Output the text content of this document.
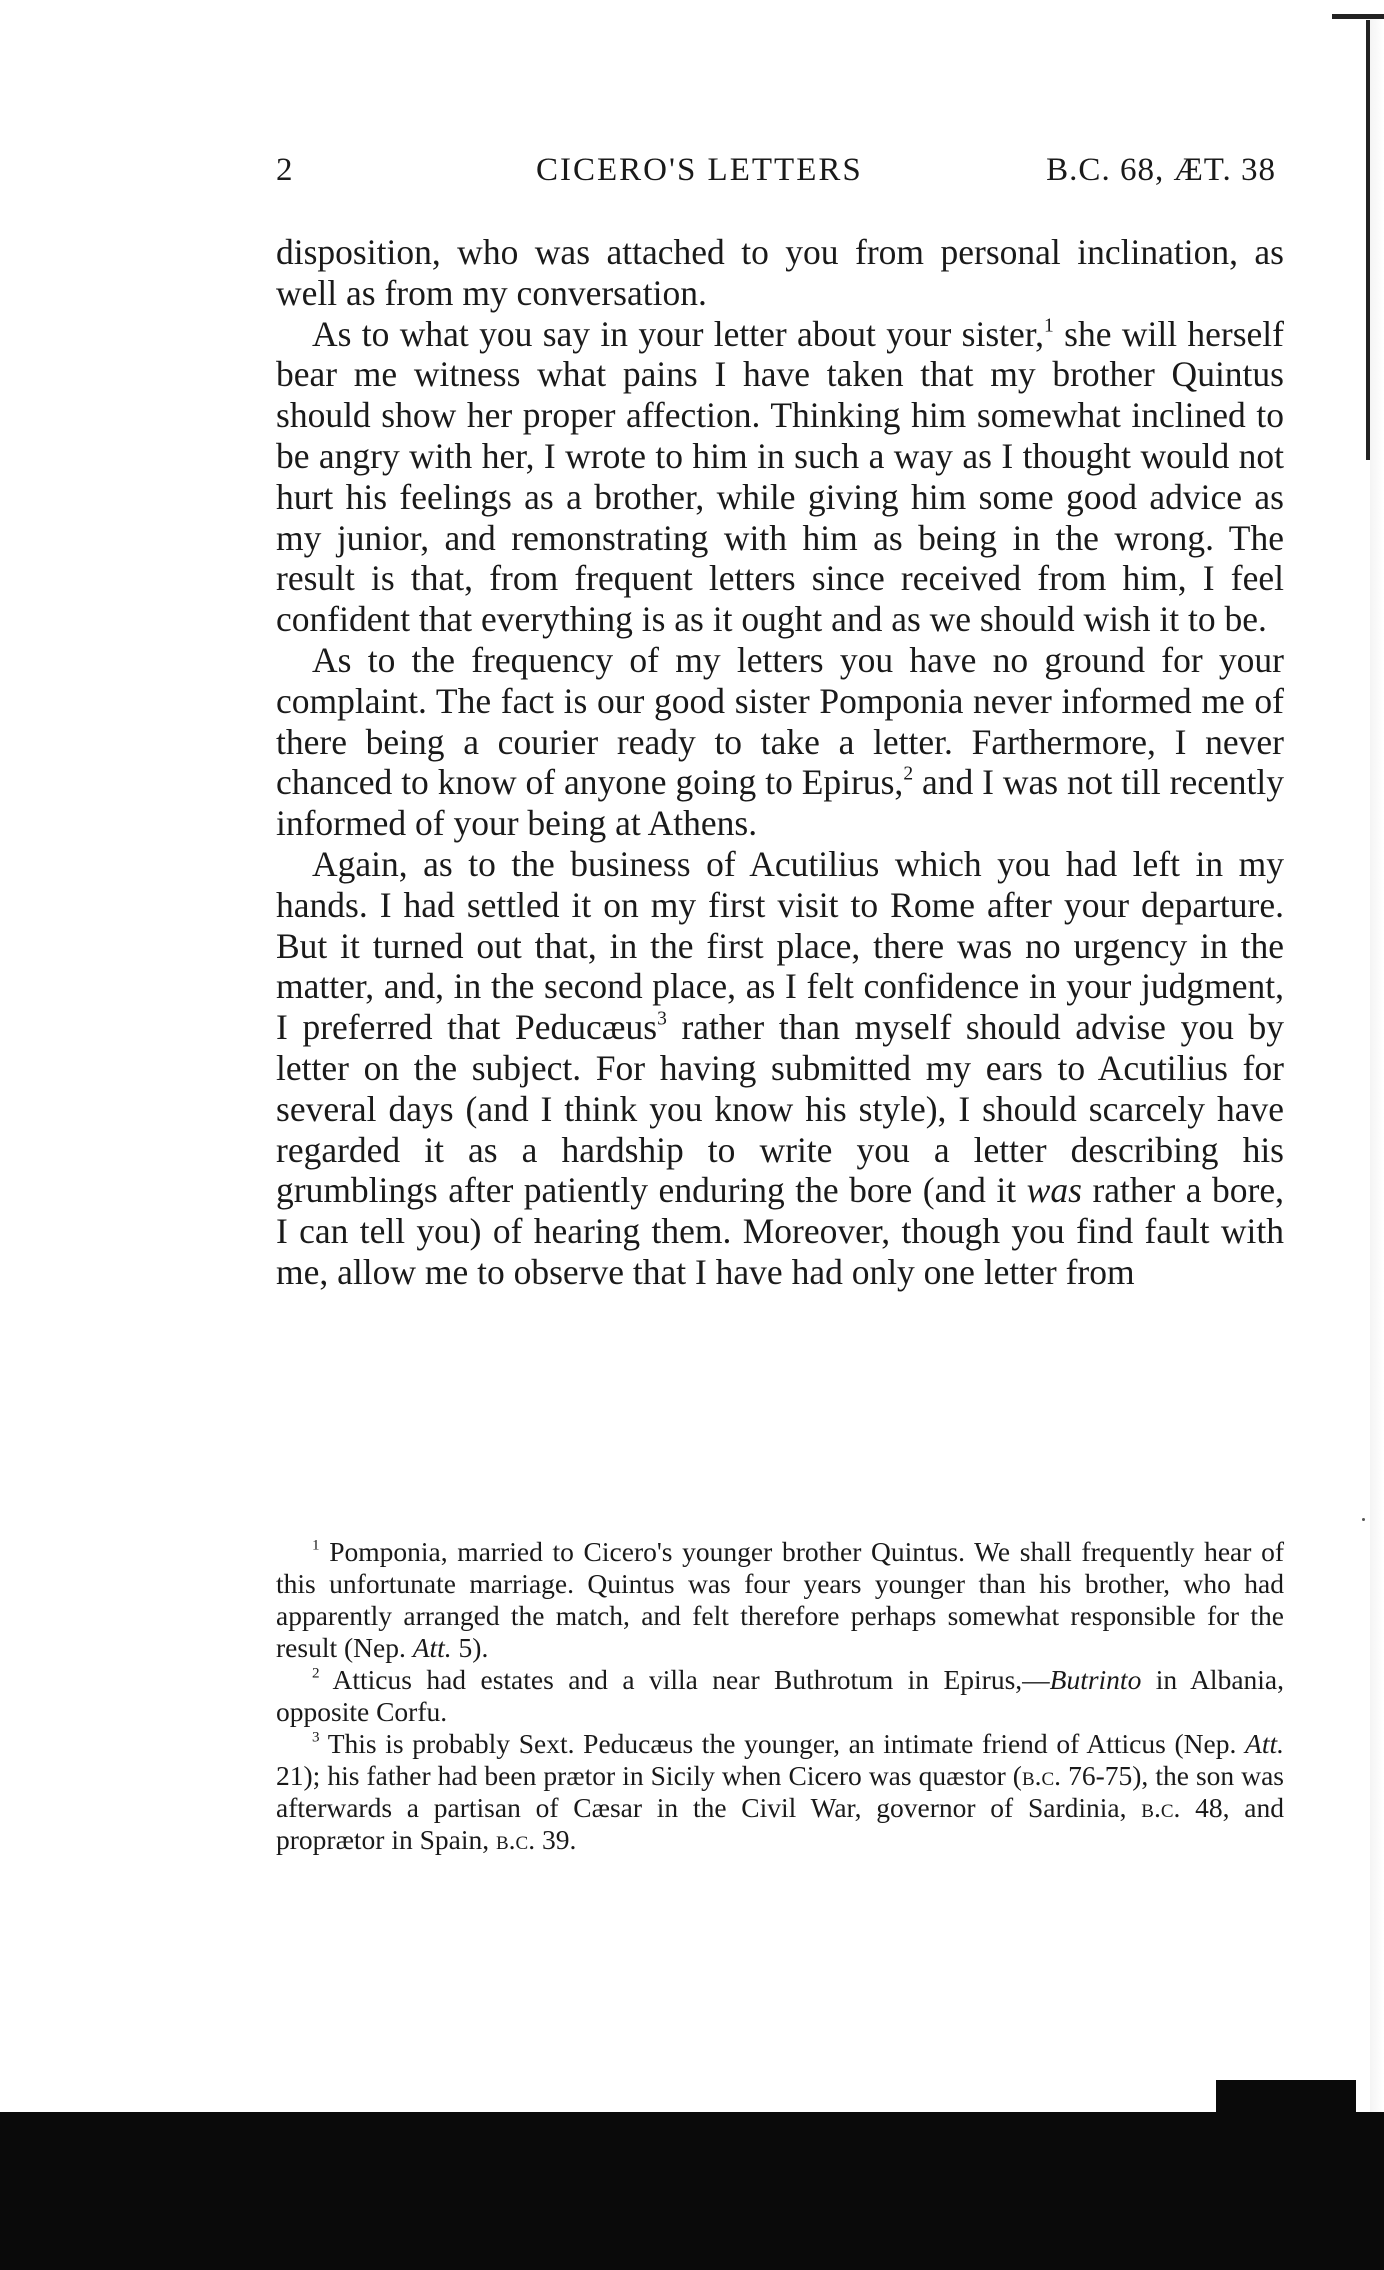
2	CICERO'S LETTERS	B.C. 68, ÆT. 38

disposition, who was attached to you from personal inclination, as well as from my conversation.

As to what you say in your letter about your sister,$^1$ she will herself bear me witness what pains I have taken that my brother Quintus should show her proper affection. Thinking him somewhat inclined to be angry with her, I wrote to him in such a way as I thought would not hurt his feelings as a brother, while giving him some good advice as my junior, and remonstrating with him as being in the wrong. The result is that, from frequent letters since received from him, I feel confident that everything is as it ought and as we should wish it to be.

As to the frequency of my letters you have no ground for your complaint. The fact is our good sister Pomponia never informed me of there being a courier ready to take a letter. Farthermore, I never chanced to know of anyone going to Epirus,$^2$ and I was not till recently informed of your being at Athens.

Again, as to the business of Acutilius which you had left in my hands. I had settled it on my first visit to Rome after your departure. But it turned out that, in the first place, there was no urgency in the matter, and, in the second place, as I felt confidence in your judgment, I preferred that Peducæus$^3$ rather than myself should advise you by letter on the subject. For having submitted my ears to Acutilius for several days (and I think you know his style), I should scarcely have regarded it as a hardship to write you a letter describing his grumblings after patiently enduring the bore (and it was rather a bore, I can tell you) of hearing them. Moreover, though you find fault with me, allow me to observe that I have had only one letter from

$^1$ Pomponia, married to Cicero's younger brother Quintus. We shall frequently hear of this unfortunate marriage. Quintus was four years younger than his brother, who had apparently arranged the match, and felt therefore perhaps somewhat responsible for the result (Nep. Att. 5).

$^2$ Atticus had estates and a villa near Buthrotum in Epirus,—Butrinto in Albania, opposite Corfu.

$^3$ This is probably Sext. Peducæus the younger, an intimate friend of Atticus (Nep. Att. 21); his father had been prætor in Sicily when Cicero was quæstor (b.c. 76-75), the son was afterwards a partisan of Cæsar in the Civil War, governor of Sardinia, b.c. 48, and proprætor in Spain, b.c. 39.
